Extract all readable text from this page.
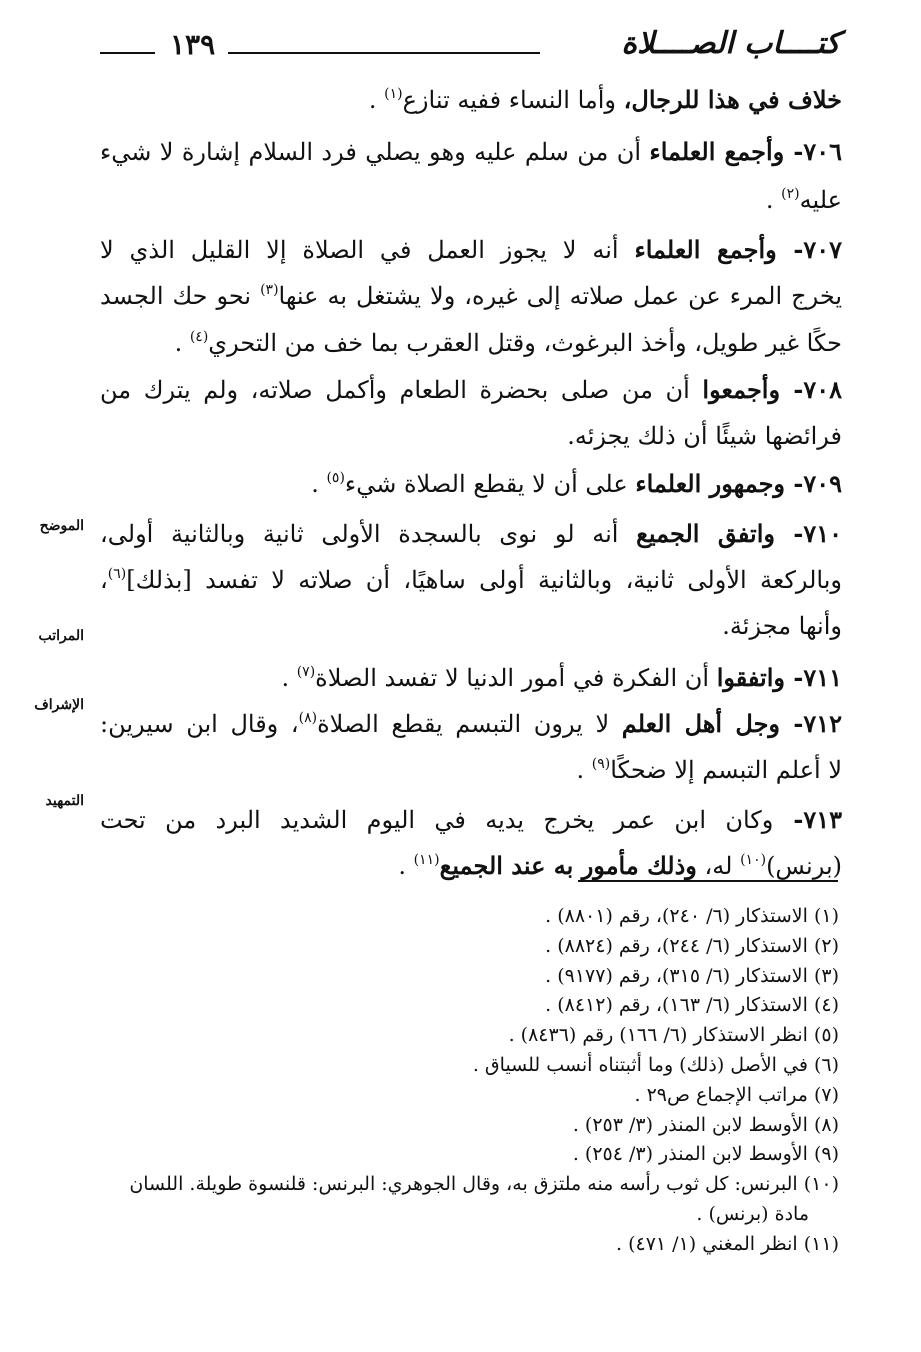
كتــــاب الصــــلاة
١٣٩
خلاف في هذا للرجال، وأما النساء ففيه تنازع$^{(١)}$ .
٧٠٦- وأجمع العلماء أن من سلم عليه وهو يصلي فرد السلام إشارة لا شيء
عليه$^{(٢)}$ .
٧٠٧- وأجمع العلماء أنه لا يجوز العمل في الصلاة إلا القليل الذي لا
يخرج المرء عن عمل صلاته إلى غيره، ولا يشتغل به عنها$^{(٣)}$ نحو حك الجسد
حكًا غير طويل، وأخذ البرغوث، وقتل العقرب بما خف من التحري$^{(٤)}$ .
٧٠٨- وأجمعوا أن من صلى بحضرة الطعام وأكمل صلاته، ولم يترك من
فرائضها شيئًا أن ذلك يجزئه.
٧٠٩- وجمهور العلماء على أن لا يقطع الصلاة شيء$^{(٥)}$ .
٧١٠- واتفق الجميع أنه لو نوى بالسجدة الأولى ثانية وبالثانية أولى،
وبالركعة الأولى ثانية، وبالثانية أولى ساهيًا، أن صلاته لا تفسد [بذلك]$^{(٦)}$،
وأنها مجزئة.
٧١١- واتفقوا أن الفكرة في أمور الدنيا لا تفسد الصلاة$^{(٧)}$ .
٧١٢- وجل أهل العلم لا يرون التبسم يقطع الصلاة$^{(٨)}$، وقال ابن سيرين:
لا أعلم التبسم إلا ضحكًا$^{(٩)}$ .
٧١٣- وكان ابن عمر يخرج يديه في اليوم الشديد البرد من تحت
(برنس)$^{(١٠)}$ له، وذلك مأمور به عند الجميع$^{(١١)}$ .
الموضح
المراتب
الإشراف
التمهيد
(١) الاستذكار (٦/ ٢٤٠)، رقم (٨٨٠١) .
(٢) الاستذكار (٦/ ٢٤٤)، رقم (٨٨٢٤) .
(٣) الاستذكار (٦/ ٣١٥)، رقم (٩١٧٧) .
(٤) الاستذكار (٦/ ١٦٣)، رقم (٨٤١٢) .
(٥) انظر الاستذكار (٦/ ١٦٦) رقم (٨٤٣٦) .
(٦) في الأصل (ذلك) وما أثبتناه أنسب للسياق .
(٧) مراتب الإجماع ص٢٩ .
(٨) الأوسط لابن المنذر (٣/ ٢٥٣) .
(٩) الأوسط لابن المنذر (٣/ ٢٥٤) .
(١٠) البرنس: كل ثوب رأسه منه ملتزق به، وقال الجوهري: البرنس: قلنسوة طويلة. اللسان
مادة (برنس) .
(١١) انظر المغني (١/ ٤٧١) .
